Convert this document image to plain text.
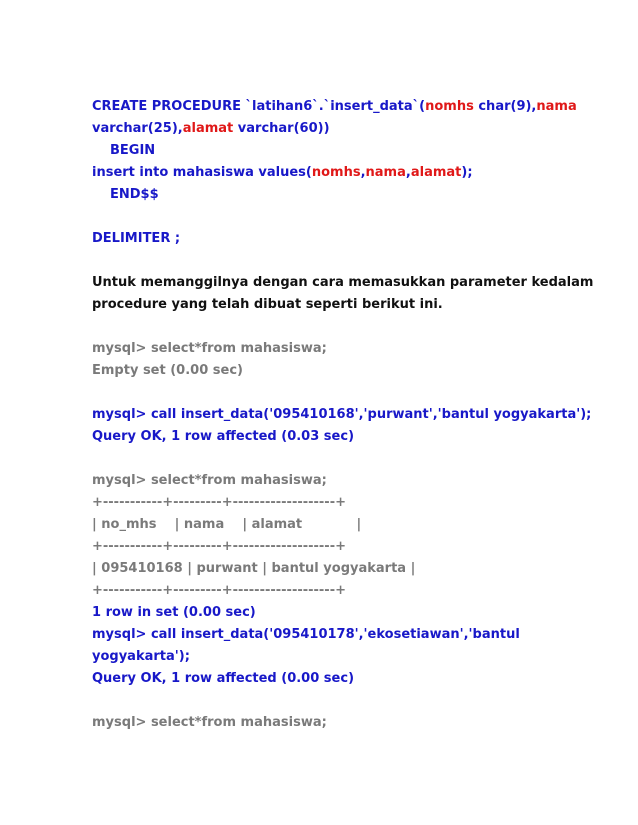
CREATE PROCEDURE `latihan6`.`insert_data`(nomhs char(9),nama
varchar(25),alamat varchar(60))
BEGIN
insert into mahasiswa values(nomhs,nama,alamat);
END$$
DELIMITER ;
Untuk memanggilnya dengan cara memasukkan parameter kedalam
procedure yang telah dibuat seperti berikut ini.
mysql> select*from mahasiswa;
Empty set (0.00 sec)
mysql> call insert_data('095410168','purwant','bantul yogyakarta');
Query OK, 1 row affected (0.03 sec)
mysql> select*from mahasiswa;
+-----------+---------+-------------------+
| no_mhs    | nama    | alamat            |
+-----------+---------+-------------------+
| 095410168 | purwant | bantul yogyakarta |
+-----------+---------+-------------------+
1 row in set (0.00 sec)
mysql> call insert_data('095410178','ekosetiawan','bantul
yogyakarta');
Query OK, 1 row affected (0.00 sec)
mysql> select*from mahasiswa;
